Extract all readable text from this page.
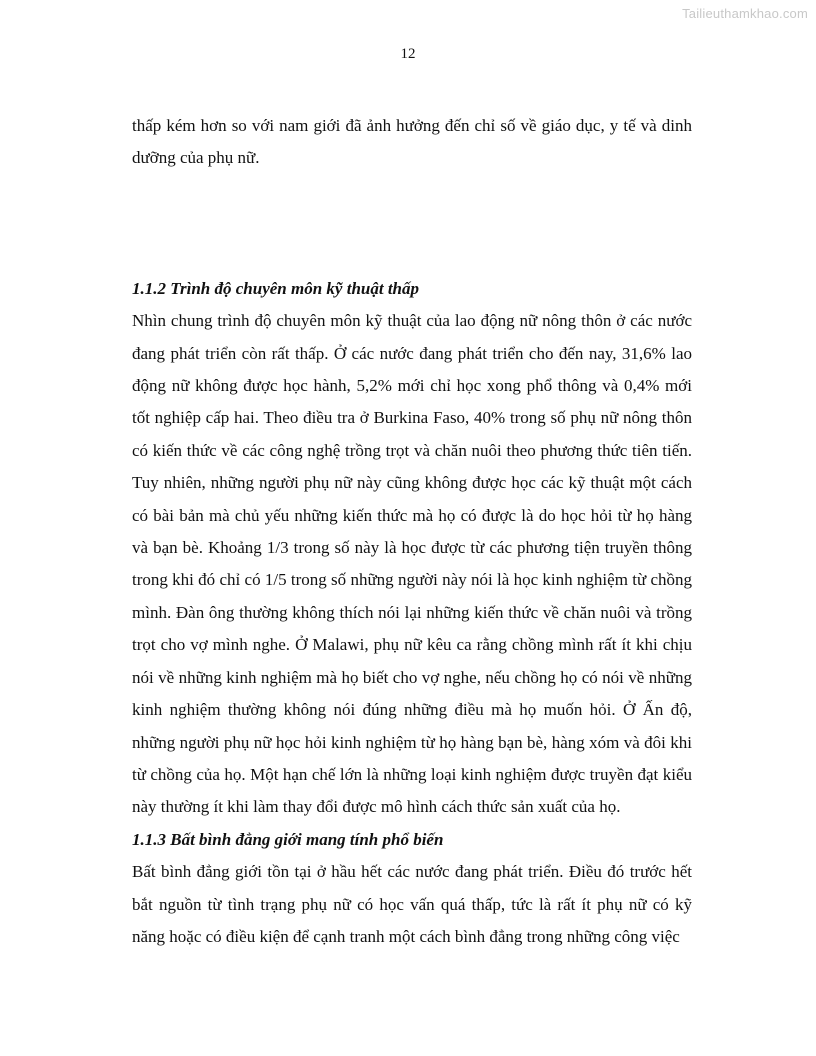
Tailieuthamkhao.com
12

thấp kém hơn so với nam giới đã ảnh hưởng đến chỉ số về giáo dục, y tế và dinh dưỡng của phụ nữ.

1.1.2 Trình độ chuyên môn kỹ thuật thấp

Nhìn chung trình độ chuyên môn kỹ thuật của lao động nữ nông thôn ở các nước đang phát triển còn rất thấp. Ở các nước đang phát triển cho đến nay, 31,6% lao động nữ không được học hành, 5,2% mới chỉ học xong phổ thông và 0,4% mới tốt nghiệp cấp hai. Theo điều tra ở Burkina Faso, 40% trong số phụ nữ nông thôn có kiến thức về các công nghệ trồng trọt và chăn nuôi theo phương thức tiên tiến. Tuy nhiên, những người phụ nữ này cũng không được học các kỹ thuật một cách có bài bản mà chủ yếu những kiến thức mà họ có được là do học hỏi từ họ hàng và bạn bè. Khoảng 1/3 trong số này là học được từ các phương tiện truyền thông trong khi đó chỉ có 1/5 trong số những người này nói là học kinh nghiệm từ chồng mình. Đàn ông thường không thích nói lại những kiến thức về chăn nuôi và trồng trọt cho vợ mình nghe. Ở Malawi, phụ nữ kêu ca rằng chồng mình rất ít khi chịu nói về những kinh nghiệm mà họ biết cho vợ nghe, nếu chồng họ có nói về những kinh nghiệm thường không nói đúng những điều mà họ muốn hỏi. Ở Ấn độ, những người phụ nữ học hỏi kinh nghiệm từ họ hàng bạn bè, hàng xóm và đôi khi từ chồng của họ. Một hạn chế lớn là những loại kinh nghiệm được truyền đạt kiểu này thường ít khi làm thay đổi được mô hình cách thức sản xuất của họ.

1.1.3 Bất bình đẳng giới mang tính phổ biến

Bất bình đẳng giới tồn tại ở hầu hết các nước đang phát triển. Điều đó trước hết bắt nguồn từ tình trạng phụ nữ có học vấn quá thấp, tức là rất ít phụ nữ có kỹ năng hoặc có điều kiện để cạnh tranh một cách bình đẳng trong những công việc
